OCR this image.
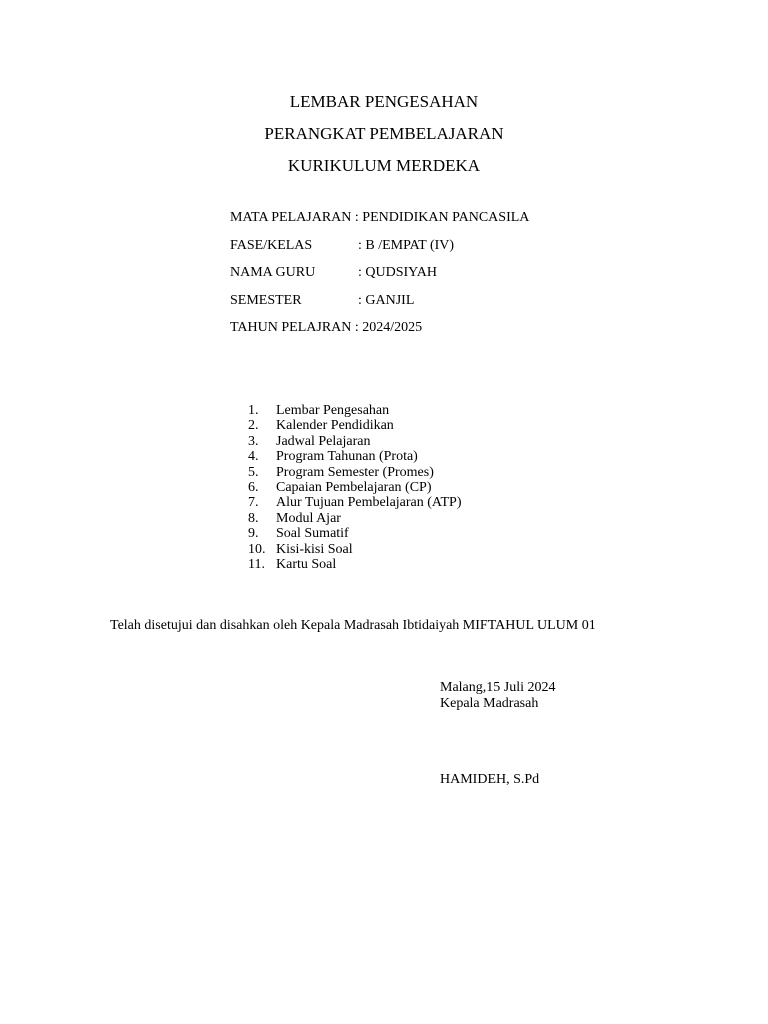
LEMBAR PENGESAHAN

PERANGKAT PEMBELAJARAN

KURIKULUM MERDEKA

MATA PELAJARAN : PENDIDIKAN PANCASILA
FASE/KELAS	: B /EMPAT (IV)
NAMA GURU	: QUDSIYAH
SEMESTER	: GANJIL
TAHUN PELAJRAN : 2024/2025
1. Lembar Pengesahan
2. Kalender Pendidikan
3. Jadwal Pelajaran
4. Program Tahunan (Prota)
5. Program Semester (Promes)
6. Capaian Pembelajaran (CP)
7. Alur Tujuan Pembelajaran (ATP)
8. Modul Ajar
9. Soal Sumatif
10. Kisi-kisi Soal
11. Kartu Soal
Telah disetujui dan disahkan oleh Kepala Madrasah Ibtidaiyah MIFTAHUL ULUM 01
Malang,15 Juli 2024
Kepala Madrasah
HAMIDEH, S.Pd
